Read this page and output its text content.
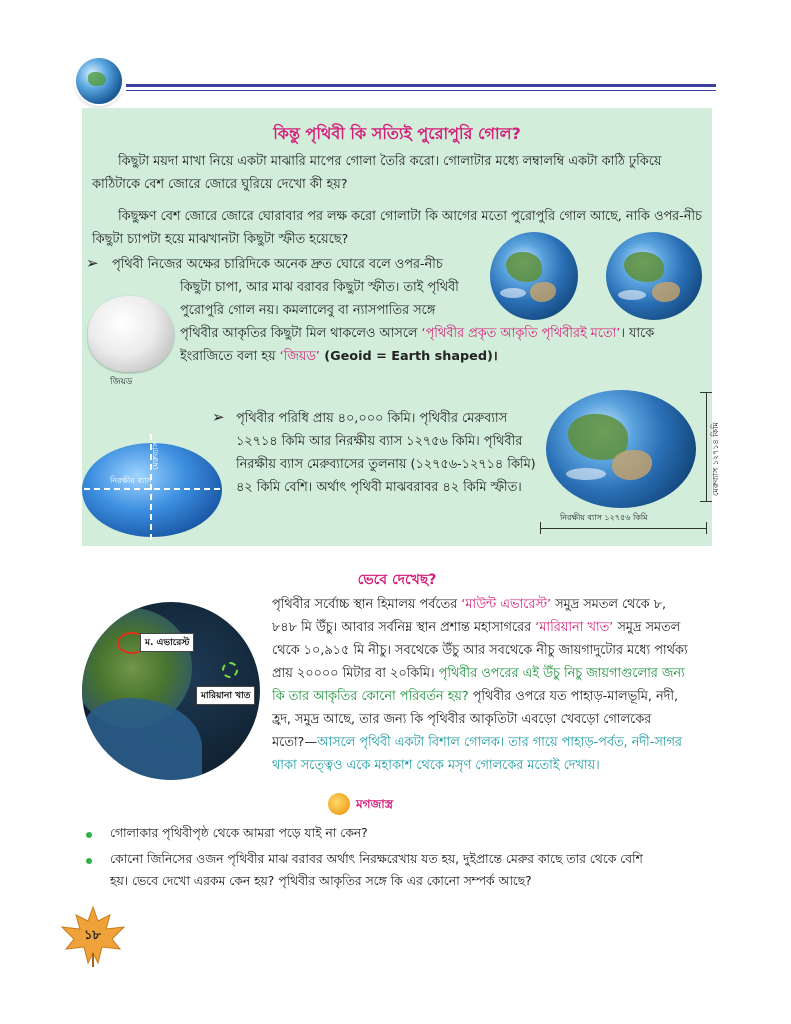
কিন্তু পৃথিবী কি সত্যিই পুরোপুরি গোল?
কিছুটা ময়দা মাখা নিয়ে একটা মাঝারি মাপের গোলা তৈরি করো। গোলাটার মধ্যে লম্বালম্বি একটা কাঠি ঢুকিয়ে কাঠিটাকে বেশ জোরে জোরে ঘুরিয়ে দেখো কী হয়?
কিছুক্ষণ বেশ জোরে জোরে ঘোরাবার পর লক্ষ করো গোলাটা কি আগের মতো পুরোপুরি গোল আছে, নাকি ওপর-নীচ কিছুটা চ্যাপটা হয়ে মাঝখানটা কিছুটা স্ফীত হয়েছে?
➢ পৃথিবী নিজের অক্ষের চারিদিকে অনেক দ্রুত ঘোরে বলে ওপর-নীচ
কিছুটা চাপা, আর মাঝ বরাবর কিছুটা স্ফীত। তাই পৃথিবী
পুরোপুরি গোল নয়। কমলালেবু বা ন্যাসপাতির সঙ্গে
পৃথিবীর আকৃতির কিছুটা মিল থাকলেও আসলে ‘পৃথিবীর প্রকৃত আকৃতি পৃথিবীরই মতো’। যাকে
ইংরাজিতে বলা হয় ‘জিয়ড’ (Geoid = Earth shaped)।
জিয়ড
➢ পৃথিবীর পরিধি প্রায় ৪০,০০০ কিমি। পৃথিবীর মেরুব্যাস
১২৭১৪ কিমি আর নিরক্ষীয় ব্যাস ১২৭৫৬ কিমি। পৃথিবীর
নিরক্ষীয় ব্যাস মেরুব্যাসের তুলনায় (১২৭৫৬-১২৭১৪ কিমি)
৪২ কিমি বেশি। অর্থাৎ পৃথিবী মাঝবরাবর ৪২ কিমি স্ফীত।
নিরক্ষীয় ব্যাস
মেরুব্যাস	মেরুব্যাস ১২৭১৪ কিমি
নিরক্ষীয় ব্যাস ১২৭৫৬ কিমি
ভেবে দেখেছ?
ম. এভারেস্ট
মারিয়ানা খাত
পৃথিবীর সর্বোচ্চ স্থান হিমালয় পর্বতের ‘মাউন্ট এভারেস্ট’ সমুদ্র সমতল থেকে ৮,
৮৪৮ মি উঁচু। আবার সর্বনিম্ন স্থান প্রশান্ত মহাসাগরের ‘মারিয়ানা খাত’ সমুদ্র সমতল
থেকে ১০,৯১৫ মি নীচু। সবথেকে উঁচু আর সবথেকে নীচু জায়গাদুটোর মধ্যে পার্থক্য
প্রায় ২০০০০ মিটার বা ২০কিমি। পৃথিবীর ওপরের এই উঁচু নিচু জায়গাগুলোর জন্য
কি তার আকৃতির কোনো পরিবর্তন হয়? পৃথিবীর ওপরে যত পাহাড়-মালভূমি, নদী,
হ্রদ, সমুদ্র আছে, তার জন্য কি পৃথিবীর আকৃতিটা এবড়ো খেবড়ো গোলকের
মতো?—আসলে পৃথিবী একটা বিশাল গোলক। তার গায়ে পাহাড়-পর্বত, নদী-সাগর
থাকা সত্ত্বেও একে মহাকাশ থেকে মসৃণ গোলকের মতোই দেখায়।
মগজাস্ত্র
গোলাকার পৃথিবীপৃষ্ঠ থেকে আমরা পড়ে যাই না কেন?
কোনো জিনিসের ওজন পৃথিবীর মাঝ বরাবর অর্থাৎ নিরক্ষরেখায় যত হয়, দুইপ্রান্তে মেরুর কাছে তার থেকে বেশি
হয়। ভেবে দেখো এরকম কেন হয়? পৃথিবীর আকৃতির সঙ্গে কি এর কোনো সম্পর্ক আছে?
১৮
